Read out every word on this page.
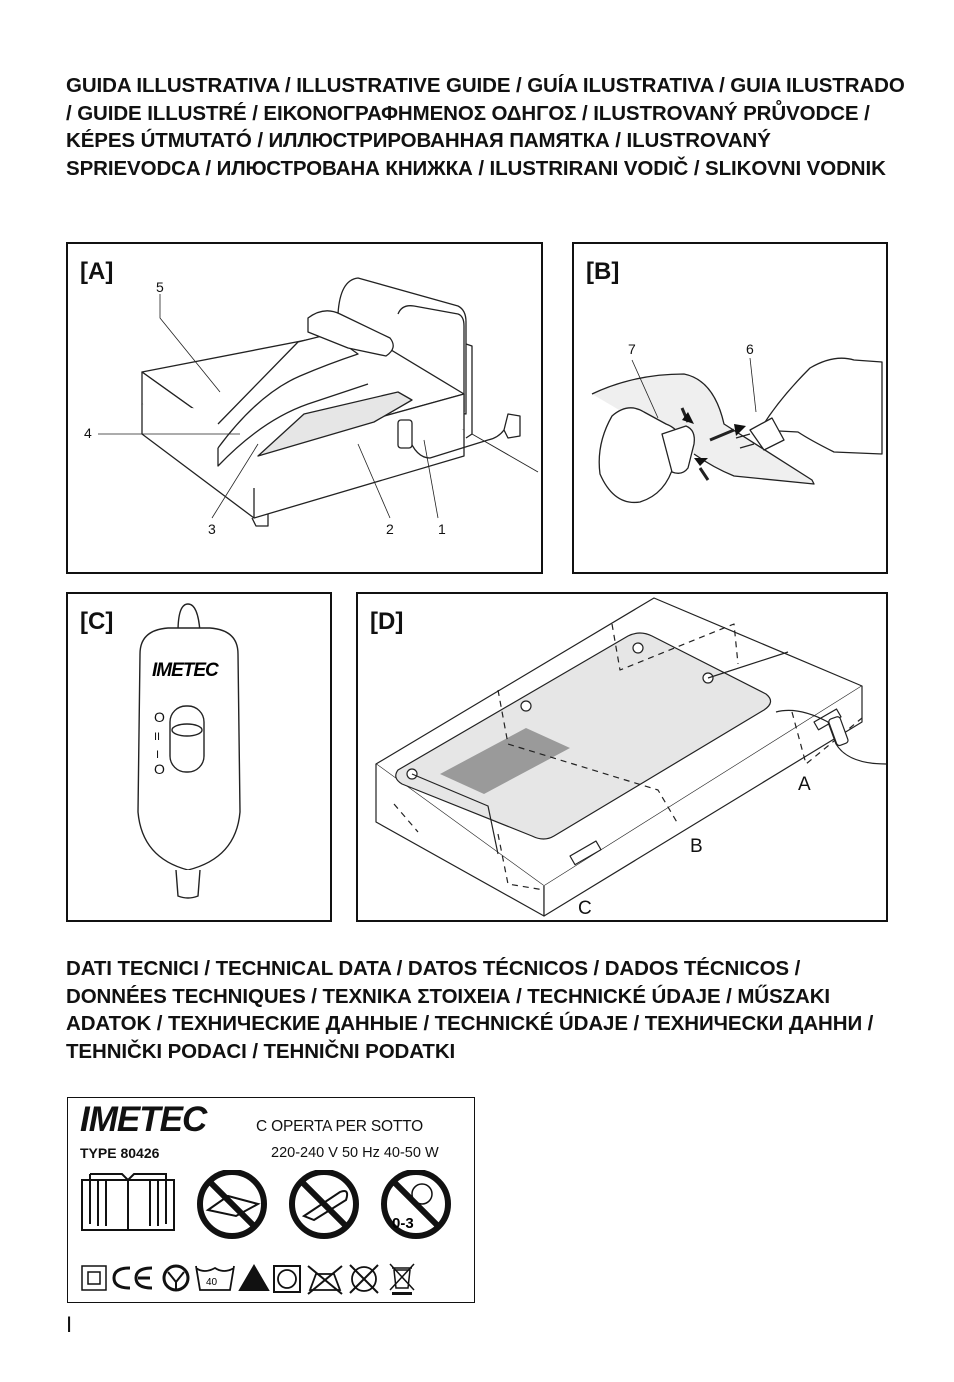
GUIDA ILLUSTRATIVA / ILLUSTRATIVE GUIDE / GUÍA ILUSTRATIVA / GUIA ILUSTRADO / GUIDE ILLUSTRÉ / ΕΙΚΟΝΟΓΡΑΦΗΜΕΝΟΣ ΟΔΗΓΟΣ / ILUSTROVANÝ PRŮVODCE / KÉPES ÚTMUTATÓ / ИЛЛЮСТРИРОВАННАЯ ПАМЯТКА / ILUSTROVANÝ SPRIEVODCA / ИЛЮСТРОВАНА КНИЖКА / ILUSTRIRANI VODIČ / SLIKOVNI VODNIK
[A]
1
2
3
4
5
[B]
7	6
[C]
IMETEC
O
II
I
O
[D]
A
B
C
DATI TECNICI / TECHNICAL DATA / DATOS TÉCNICOS / DADOS TÉCNICOS / DONNÉES TECHNIQUES / ΤΕΧΝΙΚΑ ΣΤΟΙΧΕΙΑ / TECHNICKÉ ÚDAJE / MŰSZAKI ADATOK / ТЕХНИЧЕСКИЕ ДАННЫЕ / TECHNICKÉ ÚDAJE / ТЕХНИЧЕСКИ ДАННИ / TEHNIČKI PODACI / TEHNIČNI PODATKI
IMETEC	C OPERTA PER SOTTO
TYPE 80426	220-240 V 50 Hz 40-50 W
0-3
40
I
